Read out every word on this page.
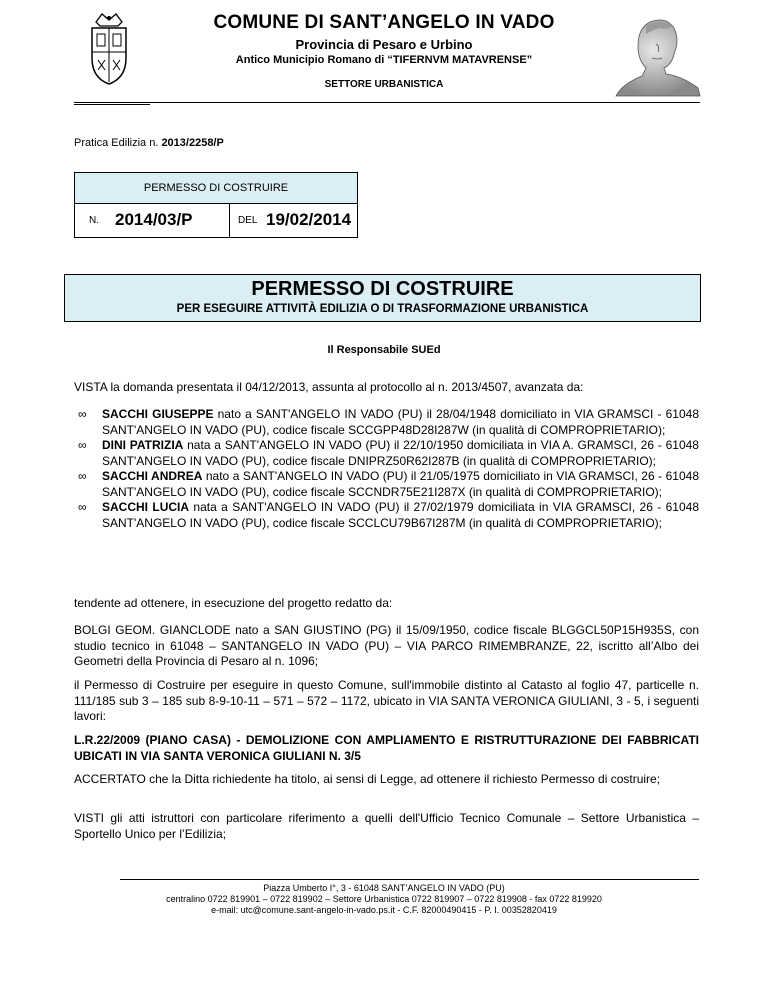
COMUNE DI SANT’ANGELO IN VADO
Provincia di Pesaro e Urbino
Antico Municipio Romano di “TIFERNVM MATAVRENSE”
SETTORE URBANISTICA
Pratica Edilizia n. 2013/2258/P
PERMESSO DI COSTRUIRE
N. 2014/03/P	DEL 19/02/2014
PERMESSO DI COSTRUIRE
PER ESEGUIRE ATTIVITÀ EDILIZIA O DI TRASFORMAZIONE URBANISTICA
Il Responsabile SUEd
VISTA la domanda presentata il 04/12/2013, assunta al protocollo al n. 2013/4507, avanzata da:
∞ SACCHI GIUSEPPE nato a SANT'ANGELO IN VADO (PU) il 28/04/1948 domiciliato in VIA GRAMSCI - 61048 SANT'ANGELO IN VADO (PU), codice fiscale SCCGPP48D28I287W (in qualità di COMPROPRIETARIO);
∞ DINI PATRIZIA nata a SANT'ANGELO IN VADO (PU) il 22/10/1950 domiciliata in VIA A. GRAMSCI, 26 - 61048 SANT'ANGELO IN VADO (PU), codice fiscale DNIPRZ50R62I287B (in qualità di COMPROPRIETARIO);
∞ SACCHI ANDREA nato a SANT'ANGELO IN VADO (PU) il 21/05/1975 domiciliato in VIA GRAMSCI, 26 - 61048 SANT'ANGELO IN VADO (PU), codice fiscale SCCNDR75E21I287X (in qualità di COMPROPRIETARIO);
∞ SACCHI LUCIA nata a SANT'ANGELO IN VADO (PU) il 27/02/1979 domiciliata in VIA GRAMSCI, 26 - 61048 SANT'ANGELO IN VADO (PU), codice fiscale SCCLCU79B67I287M (in qualità di COMPROPRIETARIO);
tendente ad ottenere, in esecuzione del progetto redatto da:
BOLGI GEOM. GIANCLODE nato a SAN GIUSTINO (PG) il 15/09/1950, codice fiscale BLGGCL50P15H935S, con studio tecnico in 61048 – SANTANGELO IN VADO (PU) – VIA PARCO RIMEMBRANZE, 22, iscritto all’Albo dei Geometri della Provincia di Pesaro al n. 1096;
il Permesso di Costruire per eseguire in questo Comune, sull'immobile distinto al Catasto al foglio 47, particelle n. 111/185 sub 3 – 185 sub 8-9-10-11 – 571 – 572 – 1172, ubicato in VIA SANTA VERONICA GIULIANI, 3 - 5, i seguenti lavori:
L.R.22/2009 (PIANO CASA) - DEMOLIZIONE CON AMPLIAMENTO E RISTRUTTURAZIONE DEI FABBRICATI UBICATI IN VIA SANTA VERONICA GIULIANI N. 3/5
ACCERTATO che la Ditta richiedente ha titolo, ai sensi di Legge, ad ottenere il richiesto Permesso di costruire;
VISTI gli atti istruttori con particolare riferimento a quelli dell'Ufficio Tecnico Comunale – Settore Urbanistica – Sportello Unico per l’Edilizia;
Piazza Umberto I°, 3 - 61048 SANT’ANGELO IN VADO (PU)
centralino 0722 819901 – 0722 819902 – Settore Urbanistica 0722 819907 – 0722 819908 - fax 0722 819920
e-mail: utc@comune.sant-angelo-in-vado.ps.it - C.F. 82000490415 - P. I. 00352820419
